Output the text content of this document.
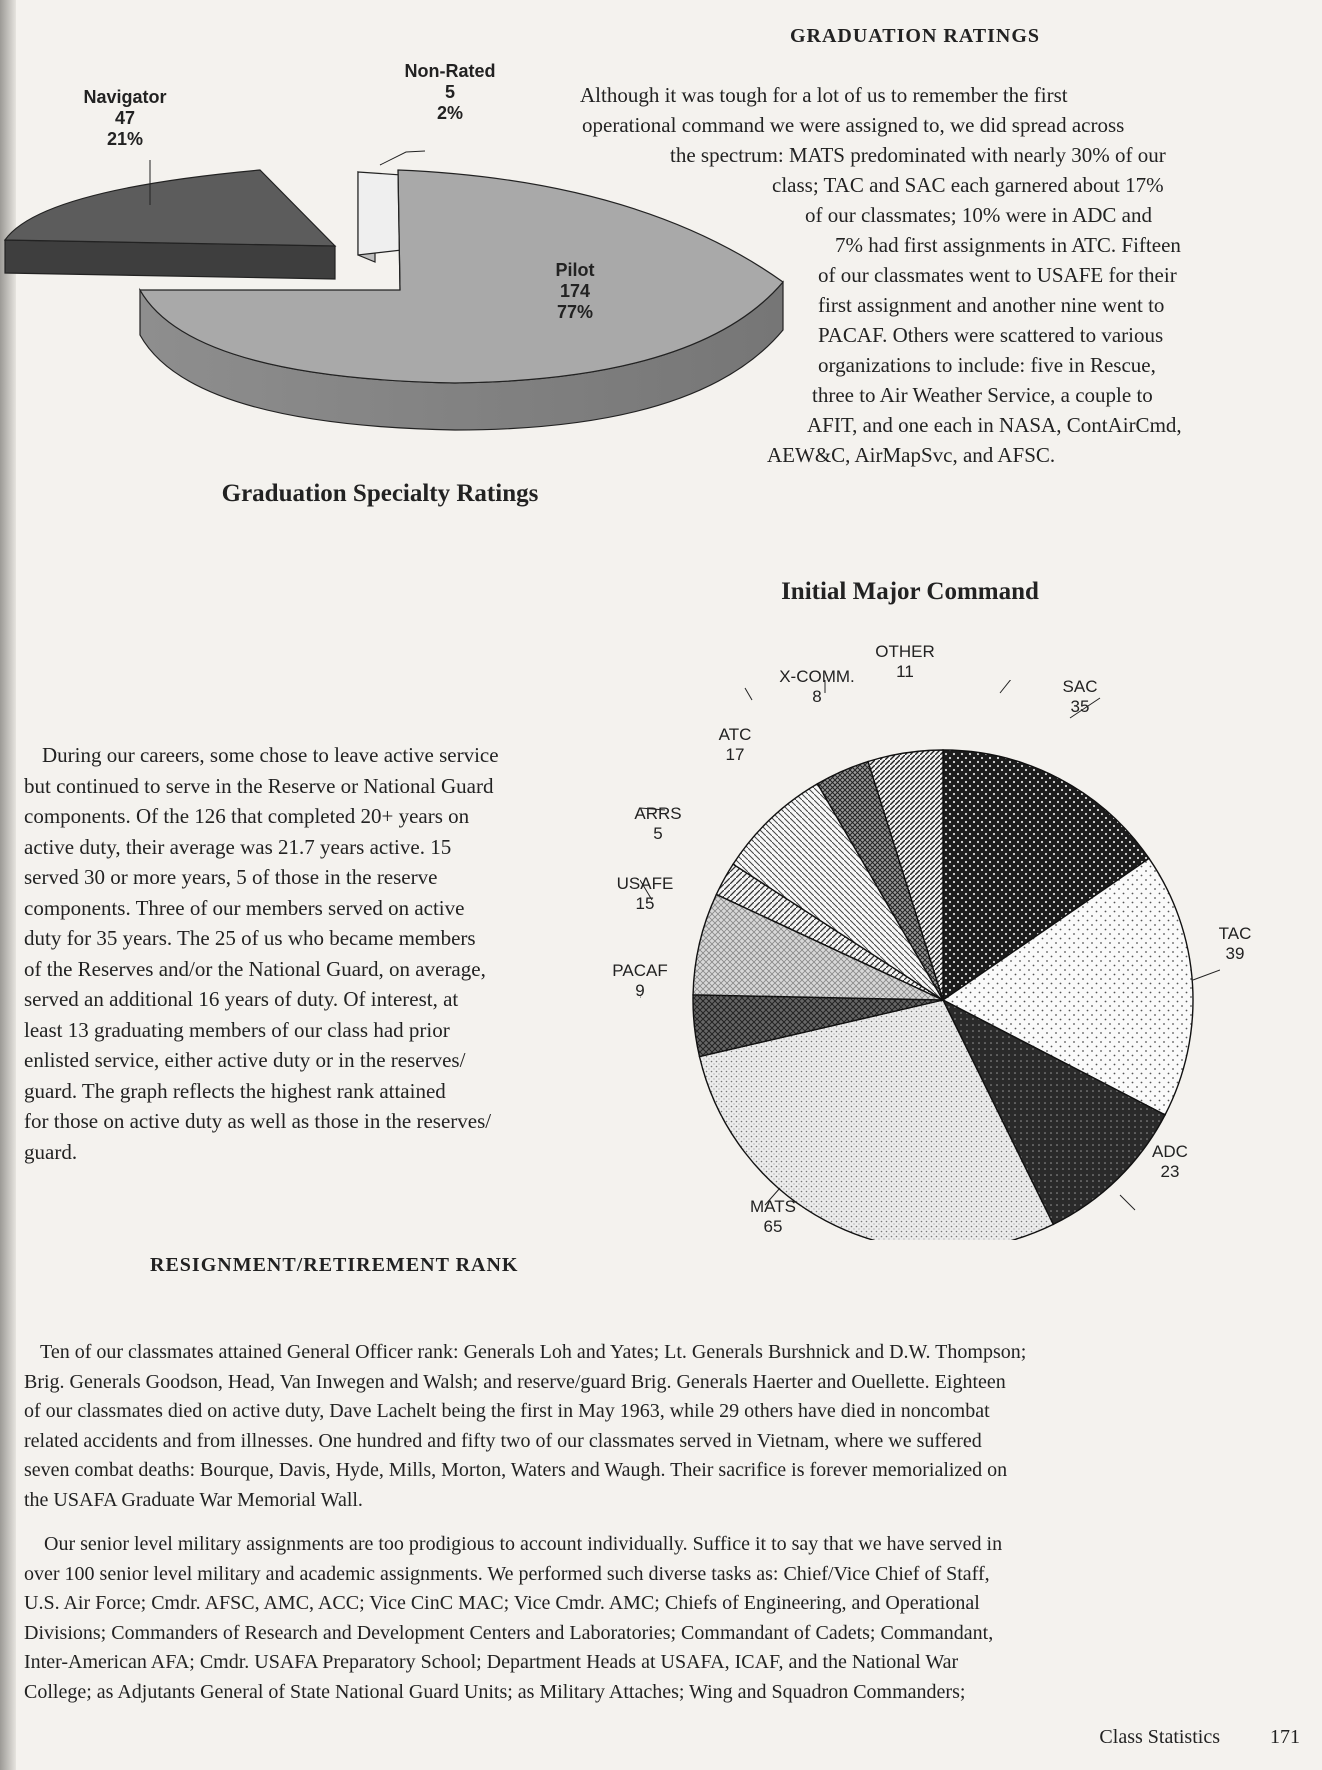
Navigator
47
21%
Non-Rated
5
2%
Pilot
174
77%
Graduation Specialty Ratings
GRADUATION RATINGS
Although it was tough for a lot of us to remember the first
operational command we were assigned to, we did spread across
the spectrum: MATS predominated with nearly 30% of our
class; TAC and SAC each garnered about 17%
of our classmates; 10% were in ADC and
7% had first assignments in ATC. Fifteen
of our classmates went to USAFE for their
first assignment and another nine went to
PACAF. Others were scattered to various
organizations to include: five in Rescue,
three to Air Weather Service, a couple to
AFIT, and one each in NASA, ContAirCmd,
AEW&C, AirMapSvc, and AFSC.
Initial Major Command
OTHER
11
X-COMM.
8
SAC
35
ATC
17
ARRS
5
USAFE
15
PACAF
9
TAC
39
ADC
23
MATS
65
During our careers, some chose to leave active service
but continued to serve in the Reserve or National Guard
components. Of the 126 that completed 20+ years on
active duty, their average was 21.7 years active. 15
served 30 or more years, 5 of those in the reserve
components. Three of our members served on active
duty for 35 years. The 25 of us who became members
of the Reserves and/or the National Guard, on average,
served an additional 16 years of duty. Of interest, at
least 13 graduating members of our class had prior
enlisted service, either active duty or in the reserves/
guard. The graph reflects the highest rank attained
for those on active duty as well as those in the reserves/
guard.
RESIGNMENT/RETIREMENT RANK
Ten of our classmates attained General Officer rank: Generals Loh and Yates; Lt. Generals Burshnick and D.W. Thompson;
Brig. Generals Goodson, Head, Van Inwegen and Walsh; and reserve/guard Brig. Generals Haerter and Ouellette. Eighteen
of our classmates died on active duty, Dave Lachelt being the first in May 1963, while 29 others have died in noncombat
related accidents and from illnesses. One hundred and fifty two of our classmates served in Vietnam, where we suffered
seven combat deaths: Bourque, Davis, Hyde, Mills, Morton, Waters and Waugh. Their sacrifice is forever memorialized on
the USAFA Graduate War Memorial Wall.
Our senior level military assignments are too prodigious to account individually. Suffice it to say that we have served in
over 100 senior level military and academic assignments. We performed such diverse tasks as: Chief/Vice Chief of Staff,
U.S. Air Force; Cmdr. AFSC, AMC, ACC; Vice CinC MAC; Vice Cmdr. AMC; Chiefs of Engineering, and Operational
Divisions; Commanders of Research and Development Centers and Laboratories; Commandant of Cadets; Commandant,
Inter-American AFA; Cmdr. USAFA Preparatory School; Department Heads at USAFA, ICAF, and the National War
College; as Adjutants General of State National Guard Units; as Military Attaches; Wing and Squadron Commanders;
Class Statistics	171
